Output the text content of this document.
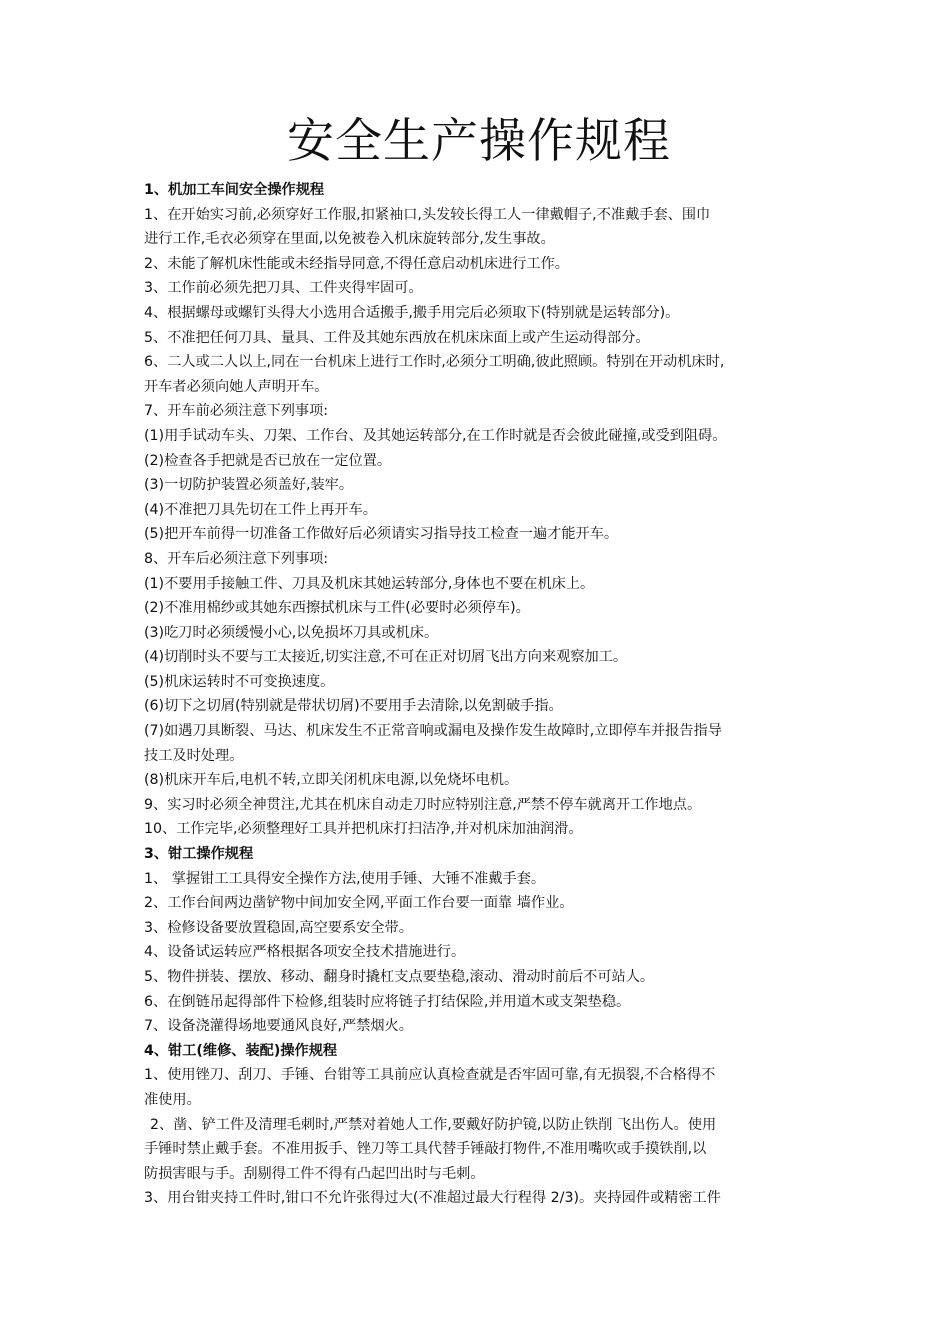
安全生产操作规程
1、机加工车间安全操作规程
1、在开始实习前,必须穿好工作服,扣紧袖口,头发较长得工人一律戴帽子,不准戴手套、围巾
进行工作,毛衣必须穿在里面,以免被卷入机床旋转部分,发生事故。
2、未能了解机床性能或未经指导同意,不得任意启动机床进行工作。
3、工作前必须先把刀具、工件夹得牢固可。
4、根据螺母或螺钉头得大小选用合适搬手,搬手用完后必须取下(特别就是运转部分)。
5、不准把任何刀具、量具、工件及其她东西放在机床床面上或产生运动得部分。
6、二人或二人以上,同在一台机床上进行工作时,必须分工明确,彼此照顾。特别在开动机床时,
开车者必须向她人声明开车。
7、开车前必须注意下列事项:
(1)用手试动车头、刀架、工作台、及其她运转部分,在工作时就是否会彼此碰撞,或受到阻碍。
(2)检查各手把就是否已放在一定位置。
(3)一切防护装置必须盖好,装牢。
(4)不准把刀具先切在工件上再开车。
(5)把开车前得一切准备工作做好后必须请实习指导技工检查一遍才能开车。
8、开车后必须注意下列事项:
(1)不要用手接触工件、刀具及机床其她运转部分,身体也不要在机床上。
(2)不准用棉纱或其她东西擦拭机床与工件(必要时必须停车)。
(3)吃刀时必须缓慢小心,以免损坏刀具或机床。
(4)切削时头不要与工太接近,切实注意,不可在正对切屑飞出方向来观察加工。
(5)机床运转时不可变换速度。
(6)切下之切屑(特别就是带状切屑)不要用手去清除,以免割破手指。
(7)如遇刀具断裂、马达、机床发生不正常音响或漏电及操作发生故障时,立即停车并报告指导
技工及时处理。
(8)机床开车后,电机不转,立即关闭机床电源,以免烧坏电机。
9、实习时必须全神贯注,尤其在机床自动走刀时应特别注意,严禁不停车就离开工作地点。
10、工作完毕,必须整理好工具并把机床打扫洁净,并对机床加油润滑。
3、钳工操作规程
1、 掌握钳工工具得安全操作方法,使用手锤、大锤不准戴手套。
2、工作台间两边凿铲物中间加安全网,平面工作台要一面靠 墙作业。
3、检修设备要放置稳固,高空要系安全带。
4、设备试运转应严格根据各项安全技术措施进行。
5、物件拼装、摆放、移动、翻身时撬杠支点要垫稳,滚动、滑动时前后不可站人。
6、在倒链吊起得部件下检修,组装时应将链子打结保险,并用道木或支架垫稳。
7、设备浇灌得场地要通风良好,严禁烟火。
4、钳工(维修、装配)操作规程
1、使用锉刀、刮刀、手锤、台钳等工具前应认真检查就是否牢固可靠,有无损裂,不合格得不
准使用。
2、凿、铲工件及清理毛刺时,严禁对着她人工作,要戴好防护镜,以防止铁削 飞出伤人。使用
手锤时禁止戴手套。不准用扳手、锉刀等工具代替手锤敲打物件,不准用嘴吹或手摸铁削,以
防损害眼与手。刮剔得工件不得有凸起凹出时与毛刺。
3、用台钳夹持工件时,钳口不允许张得过大(不准超过最大行程得 2/3)。夹持园件或精密工件
